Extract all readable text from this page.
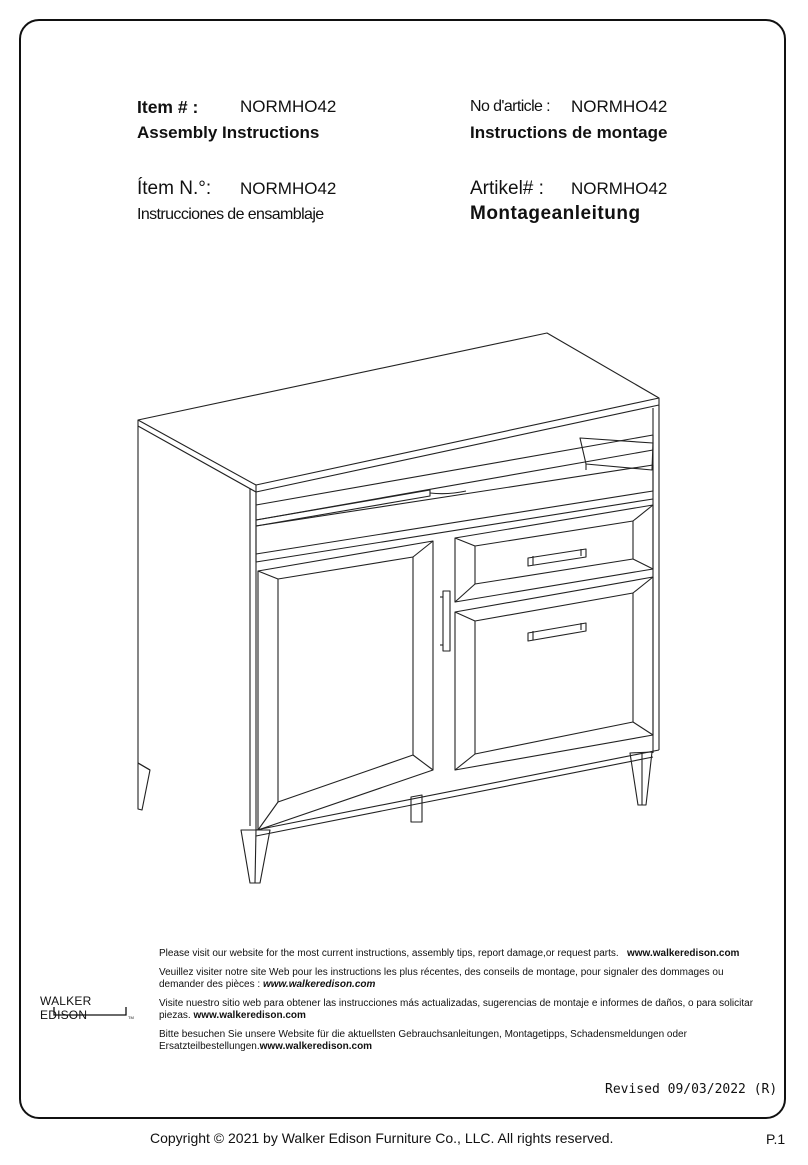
Item # : NORMHO42
Assembly Instructions
No d'article : NORMHO42
Instructions de montage
Ítem N.°: NORMHO42
Instrucciones de ensamblaje
Artikel# : NORMHO42
Montageanleitung

Please visit our website for the most current instructions, assembly tips, report damage,or request parts. www.walkeredison.com

Veuillez visiter notre site Web pour les instructions les plus récentes, des conseils de montage, pour signaler des dommages ou demander des pièces : www.walkeredison.com

Visite nuestro sitio web para obtener las instrucciones más actualizadas, sugerencias de montaje e informes de daños, o para solicitar piezas. www.walkeredison.com

Bitte besuchen Sie unsere Website für die aktuellsten Gebrauchsanleitungen, Montagetipps, Schadensmeldungen oder Ersatzteilbestellungen.www.walkeredison.com

WALKER EDISON	TM
Revised 09/03/2022 (R)
Copyright © 2021 by Walker Edison Furniture Co., LLC. All rights reserved.	P.1
